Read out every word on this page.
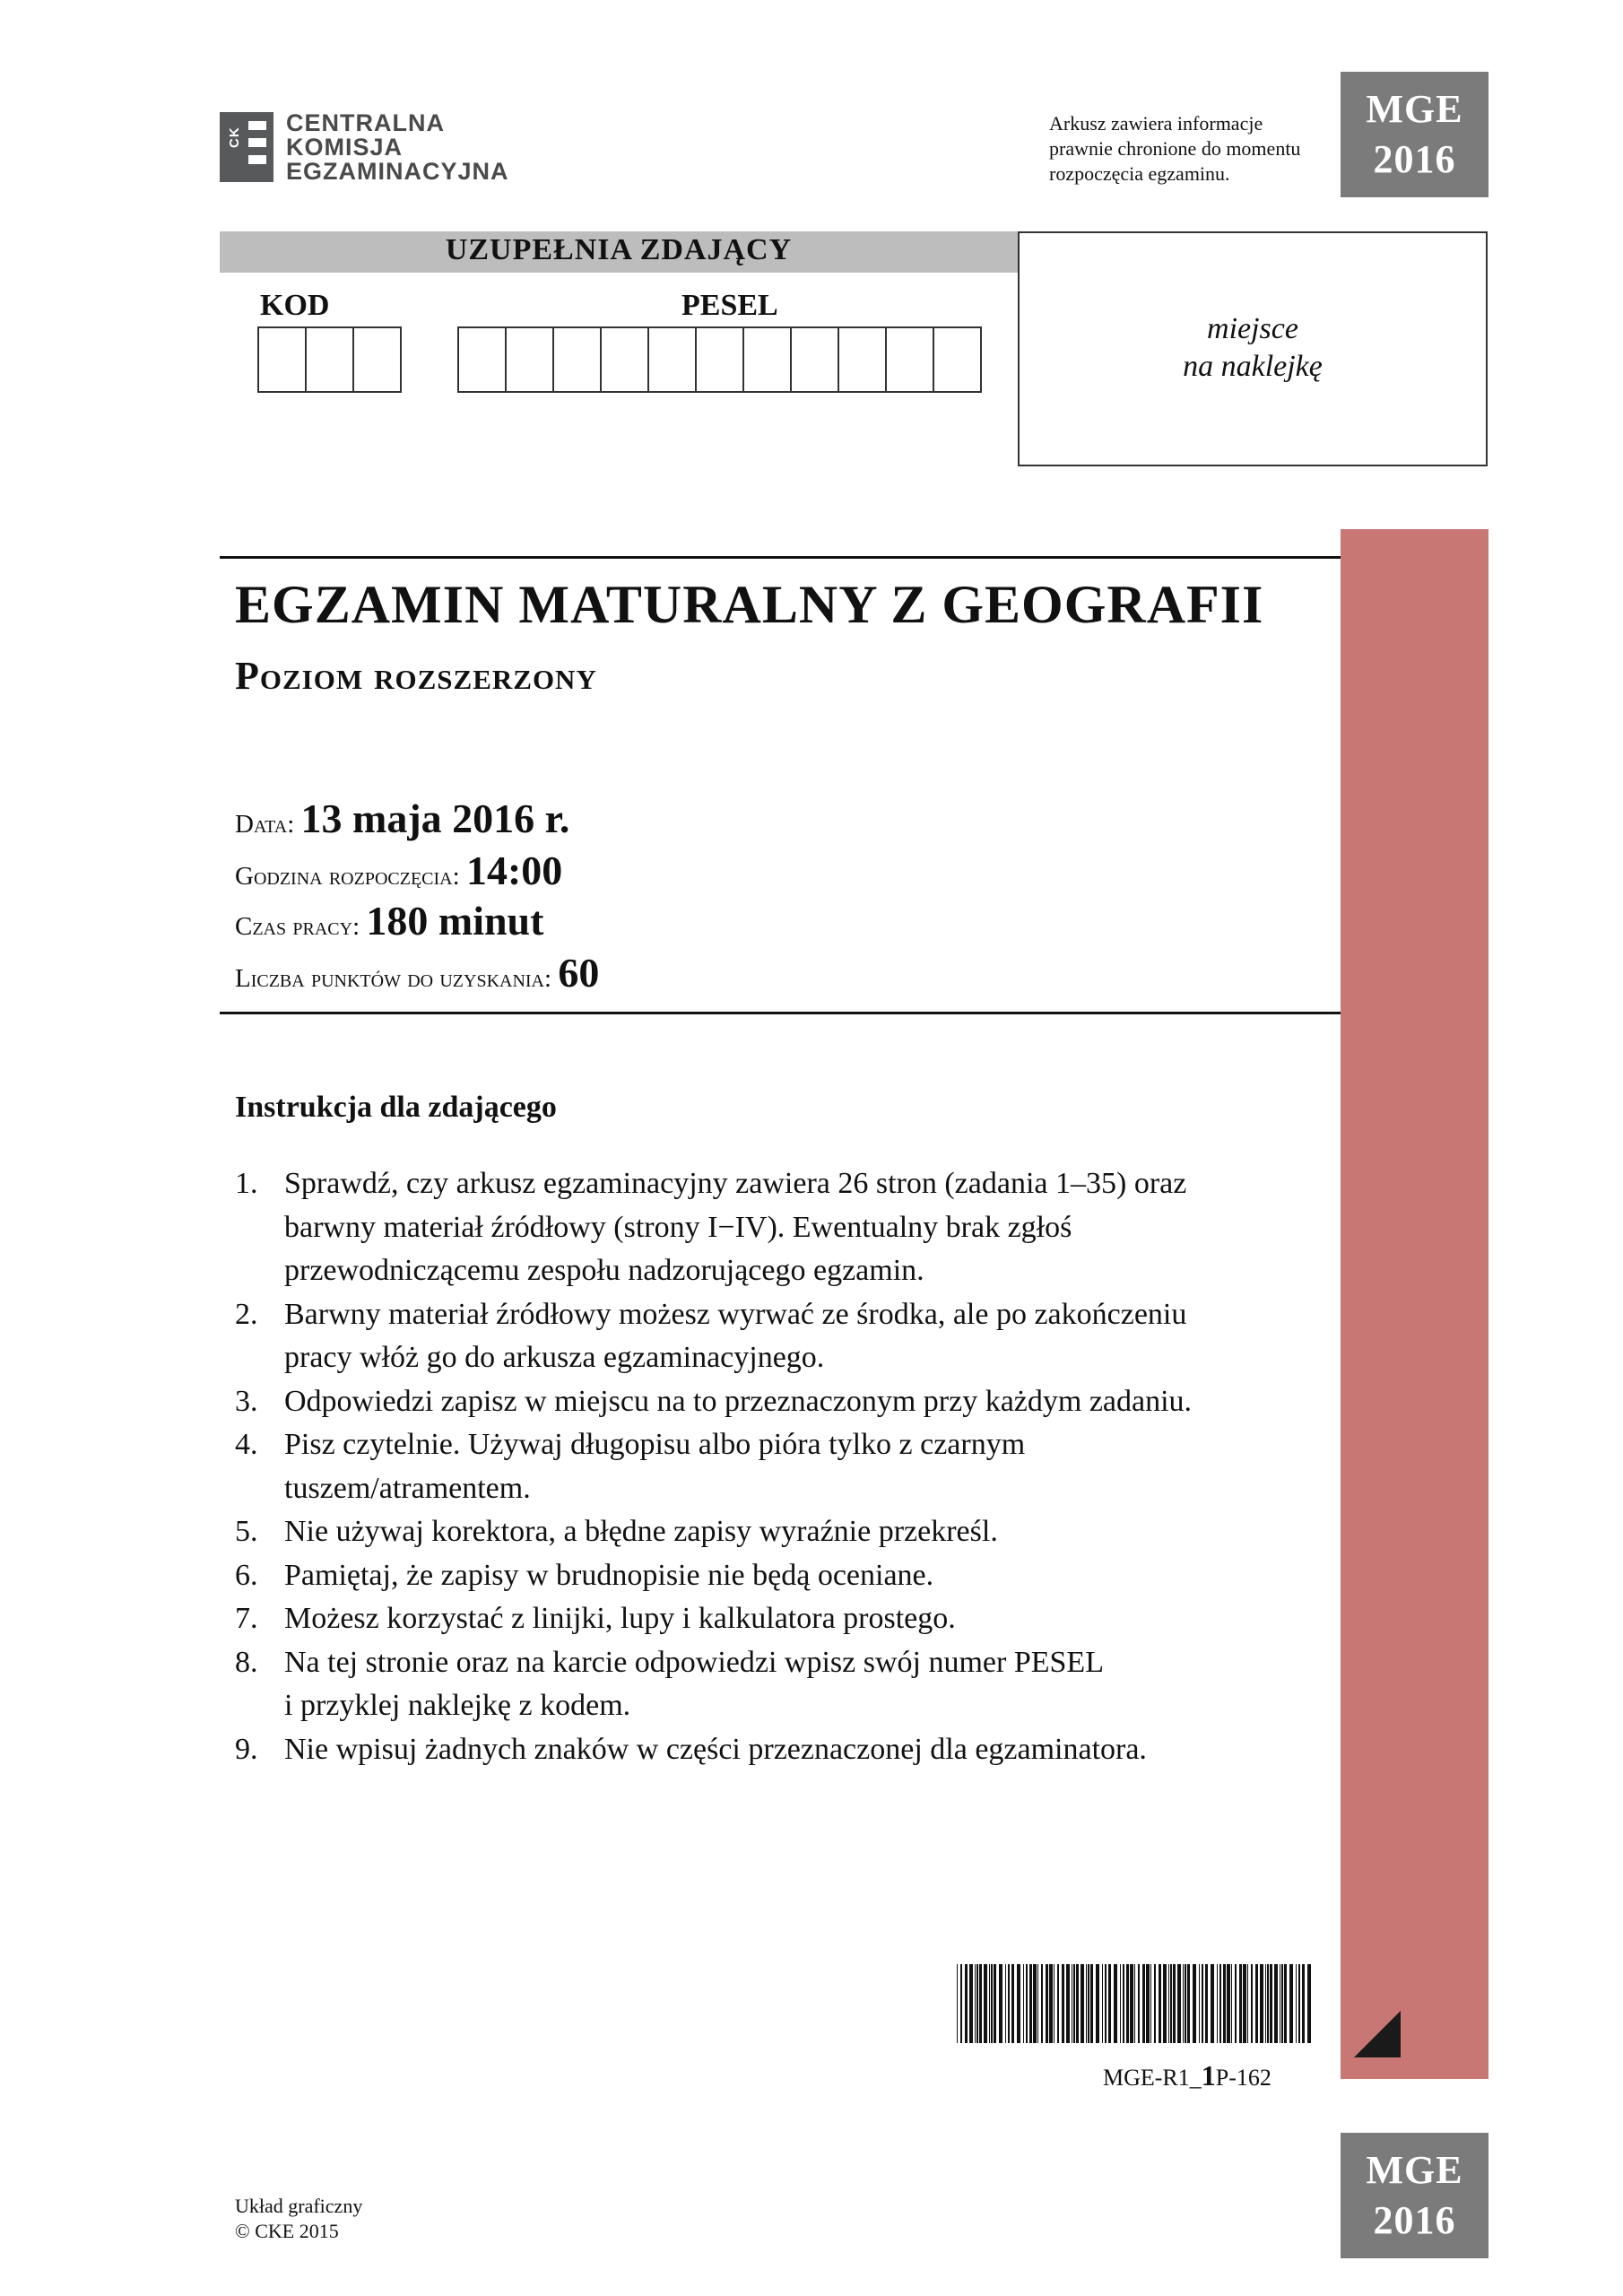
CK
CENTRALNA
KOMISJA
EGZAMINACYJNA
Arkusz zawiera informacje
prawnie chronione do momentu
rozpoczęcia egzaminu.
MGE
2016
UZUPEŁNIA ZDAJĄCY
KOD	PESEL
miejsce
na naklejkę
EGZAMIN MATURALNY Z GEOGRAFII
Poziom rozszerzony
Data: 13 maja 2016 r.
Godzina rozpoczęcia: 14:00
Czas pracy: 180 minut
Liczba punktów do uzyskania: 60
Instrukcja dla zdającego
1. Sprawdź, czy arkusz egzaminacyjny zawiera 26 stron (zadania 1–35) oraz
barwny materiał źródłowy (strony I−IV). Ewentualny brak zgłoś
przewodniczącemu zespołu nadzorującego egzamin.
2. Barwny materiał źródłowy możesz wyrwać ze środka, ale po zakończeniu
pracy włóż go do arkusza egzaminacyjnego.
3. Odpowiedzi zapisz w miejscu na to przeznaczonym przy każdym zadaniu.
4. Pisz czytelnie. Używaj długopisu albo pióra tylko z czarnym
tuszem/atramentem.
5. Nie używaj korektora, a błędne zapisy wyraźnie przekreśl.
6. Pamiętaj, że zapisy w brudnopisie nie będą oceniane.
7. Możesz korzystać z linijki, lupy i kalkulatora prostego.
8. Na tej stronie oraz na karcie odpowiedzi wpisz swój numer PESEL
i przyklej naklejkę z kodem.
9. Nie wpisuj żadnych znaków w części przeznaczonej dla egzaminatora.
MGE-R1_1P-162
MGE
2016
Układ graficzny
© CKE 2015
